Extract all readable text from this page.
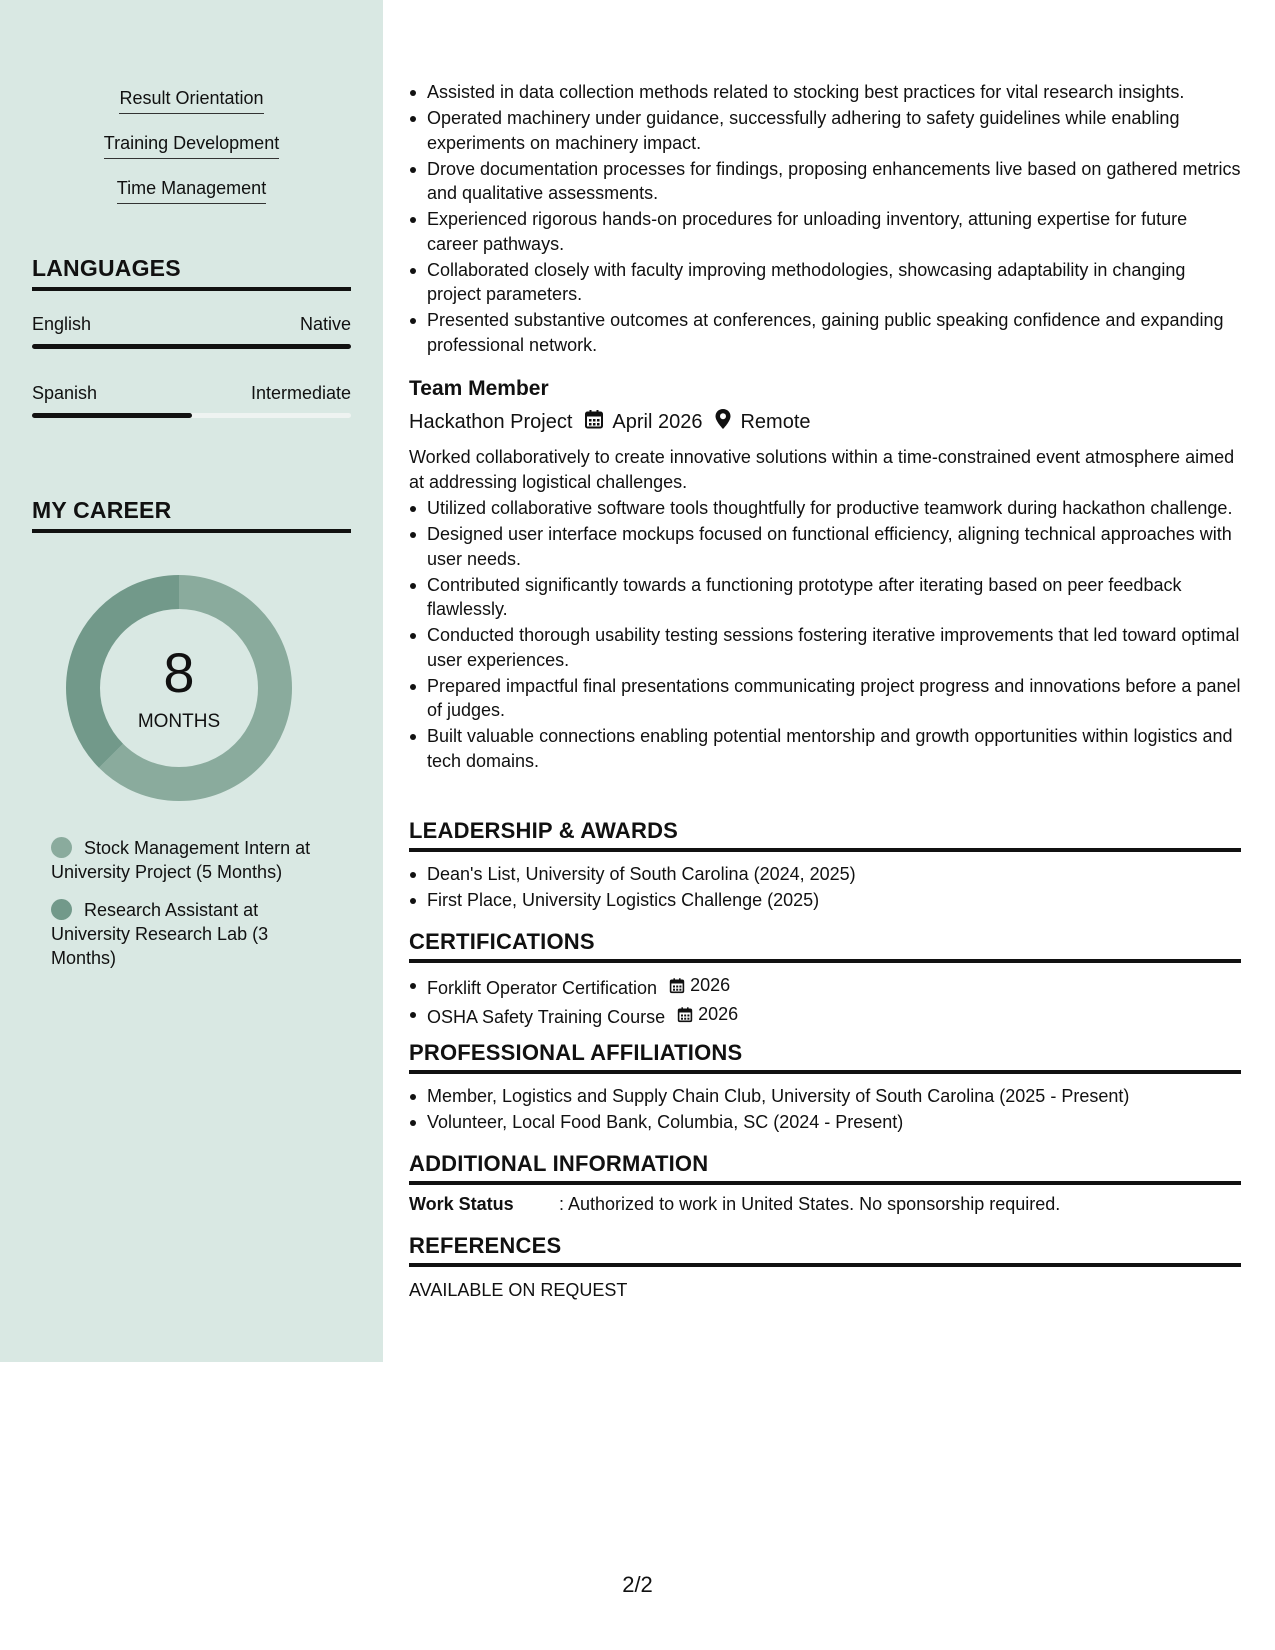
Result Orientation
Training Development
Time Management
LANGUAGES
English	Native
Spanish	Intermediate
MY CAREER
8
MONTHS
Stock Management Intern at University Project (5 Months)
Research Assistant at University Research Lab (3 Months)
Assisted in data collection methods related to stocking best practices for vital research insights.
Operated machinery under guidance, successfully adhering to safety guidelines while enabling experiments on machinery impact.
Drove documentation processes for findings, proposing enhancements live based on gathered metrics and qualitative assessments.
Experienced rigorous hands-on procedures for unloading inventory, attuning expertise for future career pathways.
Collaborated closely with faculty improving methodologies, showcasing adaptability in changing project parameters.
Presented substantive outcomes at conferences, gaining public speaking confidence and expanding professional network.
Team Member
Hackathon Project April 2026 Remote
Worked collaboratively to create innovative solutions within a time-constrained event atmosphere aimed at addressing logistical challenges.
Utilized collaborative software tools thoughtfully for productive teamwork during hackathon challenge.
Designed user interface mockups focused on functional efficiency, aligning technical approaches with user needs.
Contributed significantly towards a functioning prototype after iterating based on peer feedback flawlessly.
Conducted thorough usability testing sessions fostering iterative improvements that led toward optimal user experiences.
Prepared impactful final presentations communicating project progress and innovations before a panel of judges.
Built valuable connections enabling potential mentorship and growth opportunities within logistics and tech domains.
LEADERSHIP & AWARDS
Dean's List, University of South Carolina (2024, 2025)
First Place, University Logistics Challenge (2025)
CERTIFICATIONS
Forklift Operator Certification 2026
OSHA Safety Training Course 2026
PROFESSIONAL AFFILIATIONS
Member, Logistics and Supply Chain Club, University of South Carolina (2025 - Present)
Volunteer, Local Food Bank, Columbia, SC (2024 - Present)
ADDITIONAL INFORMATION
Work Status	: Authorized to work in United States. No sponsorship required.
REFERENCES
AVAILABLE ON REQUEST
2/2
